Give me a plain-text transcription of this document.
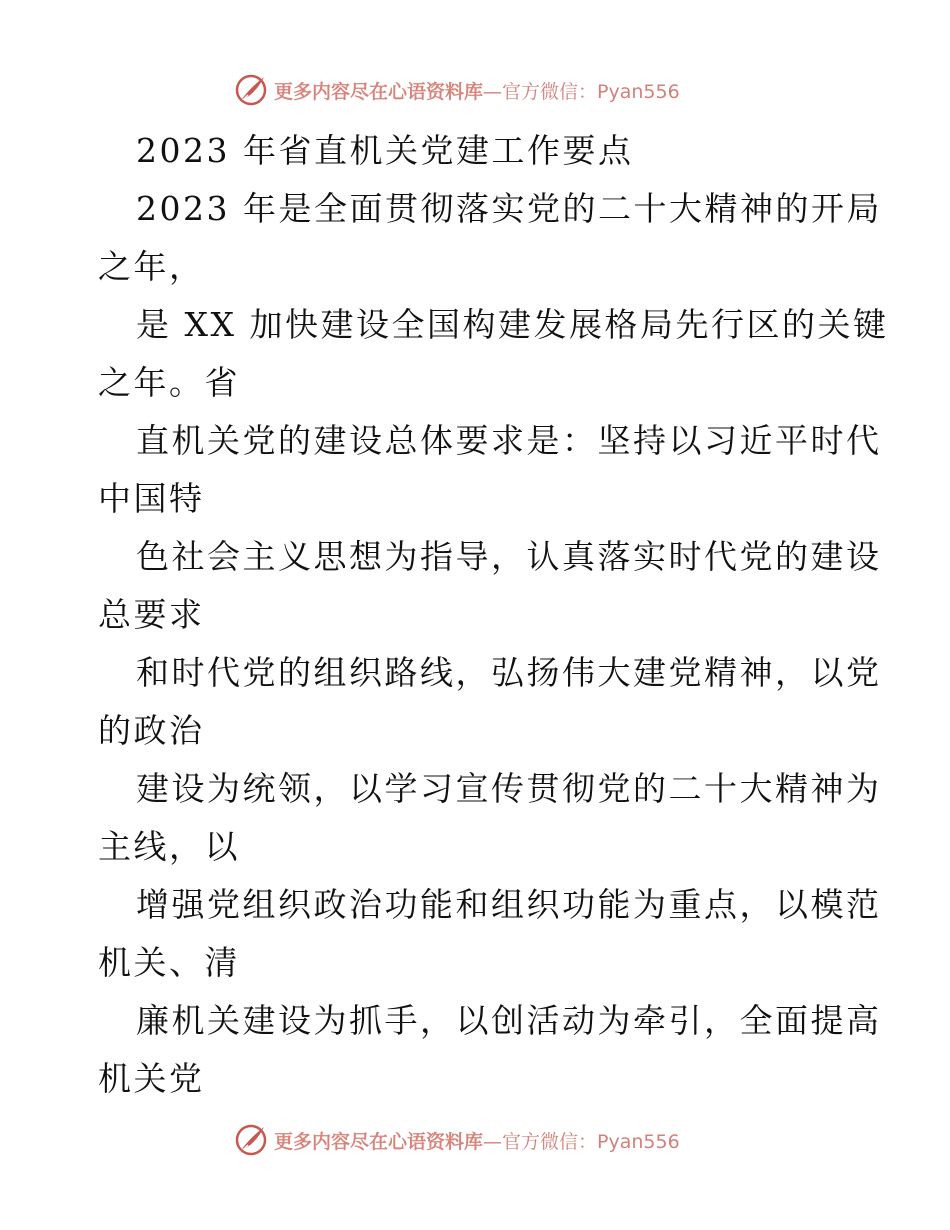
更多内容尽在心语资料库—官方微信：Pyan556
2023 年省直机关党建工作要点
2023 年是全面贯彻落实党的二十大精神的开局
之年，
是 XX 加快建设全国构建发展格局先行区的关键
之年。省
直机关党的建设总体要求是：坚持以习近平时代
中国特
色社会主义思想为指导，认真落实时代党的建设
总要求
和时代党的组织路线，弘扬伟大建党精神，以党
的政治
建设为统领，以学习宣传贯彻党的二十大精神为
主线，以
增强党组织政治功能和组织功能为重点，以模范
机关、清
廉机关建设为抓手，以创活动为牵引，全面提高
机关党
更多内容尽在心语资料库—官方微信：Pyan556
